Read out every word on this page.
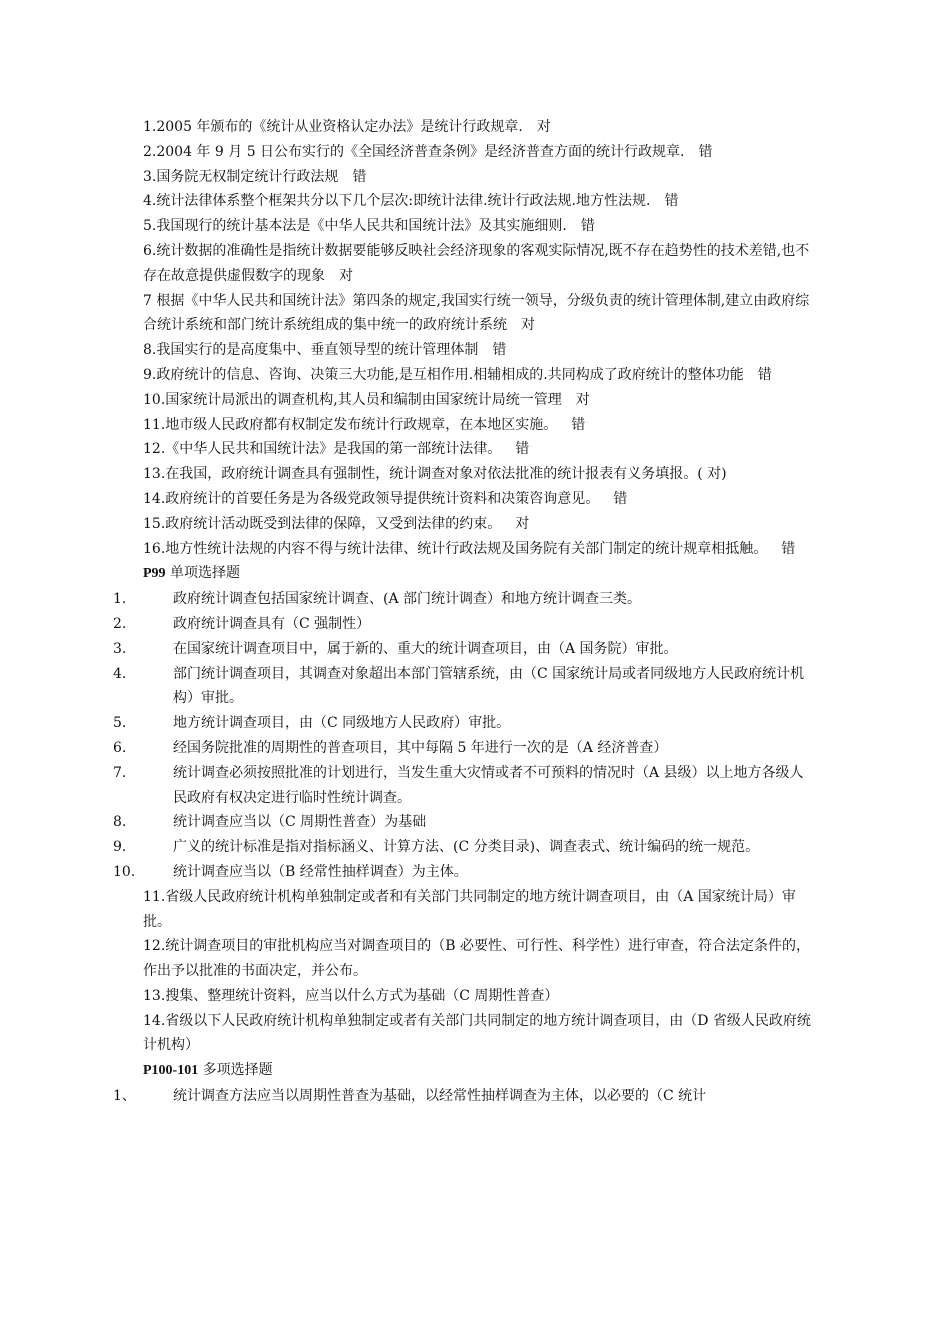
1.2005 年颁布的《统计从业资格认定办法》是统计行政规章. 对

2.2004 年 9 月 5 日公布实行的《全国经济普查条例》是经济普查方面的统计行政规章. 错

3.国务院无权制定统计行政法规 错

4.统计法律体系整个框架共分以下几个层次:即统计法律.统计行政法规.地方性法规. 错

5.我国现行的统计基本法是《中华人民共和国统计法》及其实施细则. 错

6.统计数据的准确性是指统计数据要能够反映社会经济现象的客观实际情况,既不存在趋势性的技术差错,也不存在故意提供虚假数字的现象 对

7 根据《中华人民共和国统计法》第四条的规定,我国实行统一领导，分级负责的统计管理体制,建立由政府综合统计系统和部门统计系统组成的集中统一的政府统计系统 对

8.我国实行的是高度集中、垂直领导型的统计管理体制 错

9.政府统计的信息、咨询、决策三大功能,是互相作用.相辅相成的.共同构成了政府统计的整体功能 错

10.国家统计局派出的调查机构,其人员和编制由国家统计局统一管理 对

11.地市级人民政府都有权制定发布统计行政规章，在本地区实施。 错

12.《中华人民共和国统计法》是我国的第一部统计法律。 错

13.在我国，政府统计调查具有强制性，统计调查对象对依法批准的统计报表有义务填报。( 对)

14.政府统计的首要任务是为各级党政领导提供统计资料和决策咨询意见。 错

15.政府统计活动既受到法律的保障，又受到法律的约束。 对

16.地方性统计法规的内容不得与统计法律、统计行政法规及国务院有关部门制定的统计规章相抵触。 错

P99 单项选择题

1.	政府统计调查包括国家统计调查、(A 部门统计调查）和地方统计调查三类。

2.	政府统计调查具有（C 强制性）

3.	在国家统计调查项目中，属于新的、重大的统计调查项目，由（A 国务院）审批。

4.	部门统计调查项目，其调查对象超出本部门管辖系统，由（C 国家统计局或者同级地方人民政府统计机构）审批。

5.	地方统计调查项目，由（C 同级地方人民政府）审批。

6.	经国务院批准的周期性的普查项目，其中每隔 5 年进行一次的是（A 经济普查）

7.	统计调查必须按照批准的计划进行，当发生重大灾情或者不可预料的情况时（A 县级）以上地方各级人民政府有权决定进行临时性统计调查。

8.	统计调查应当以（C 周期性普查）为基础

9.	广义的统计标准是指对指标涵义、计算方法、(C 分类目录)、调查表式、统计编码的统一规范。

10.	统计调查应当以（B 经常性抽样调查）为主体。

11.省级人民政府统计机构单独制定或者和有关部门共同制定的地方统计调查项目，由（A 国家统计局）审批。

12.统计调查项目的审批机构应当对调查项目的（B 必要性、可行性、科学性）进行审查，符合法定条件的，作出予以批准的书面决定，并公布。

13.搜集、整理统计资料，应当以什么方式为基础（C 周期性普查）

14.省级以下人民政府统计机构单独制定或者有关部门共同制定的地方统计调查项目，由（D 省级人民政府统计机构）

P100-101 多项选择题

1、	统计调查方法应当以周期性普查为基础，以经常性抽样调查为主体，以必要的（C 统计
